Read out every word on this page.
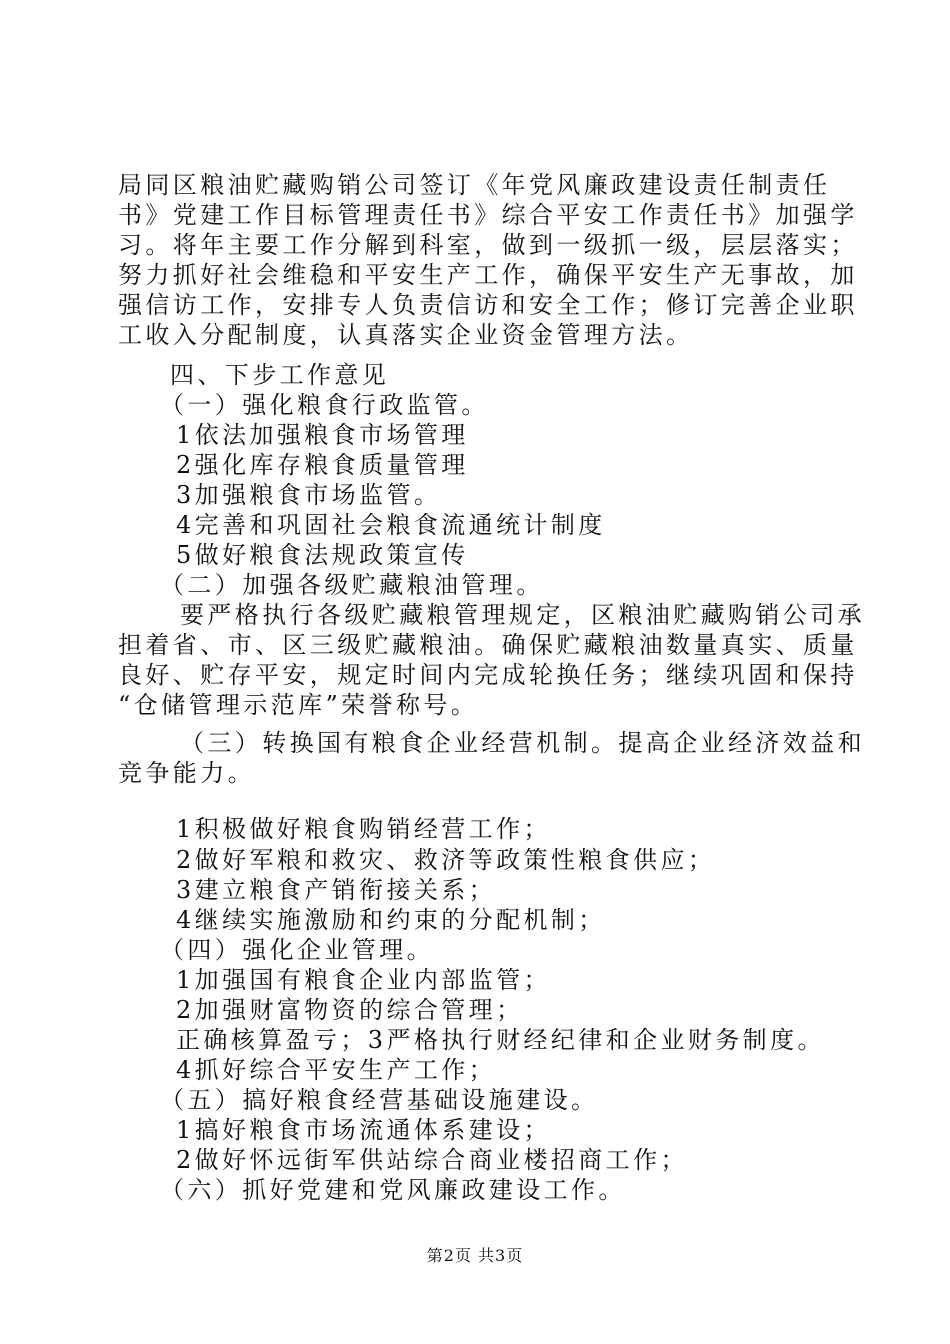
局同区粮油贮藏购销公司签订《年党风廉政建设责任制责任
书》党建工作目标管理责任书》综合平安工作责任书》加强学
习。将年主要工作分解到科室，做到一级抓一级，层层落实；
努力抓好社会维稳和平安生产工作，确保平安生产无事故，加
强信访工作，安排专人负责信访和安全工作；修订完善企业职
工收入分配制度，认真落实企业资金管理方法。
四、下步工作意见
（一）强化粮食行政监管。
1依法加强粮食市场管理
2强化库存粮食质量管理
3加强粮食市场监管。
4完善和巩固社会粮食流通统计制度
5做好粮食法规政策宣传
（二）加强各级贮藏粮油管理。
要严格执行各级贮藏粮管理规定，区粮油贮藏购销公司承
担着省、市、区三级贮藏粮油。确保贮藏粮油数量真实、质量
良好、贮存平安，规定时间内完成轮换任务；继续巩固和保持
“仓储管理示范库”荣誉称号。
（三）转换国有粮食企业经营机制。提高企业经济效益和
竞争能力。
1积极做好粮食购销经营工作；
2做好军粮和救灾、救济等政策性粮食供应；
3建立粮食产销衔接关系；
4继续实施激励和约束的分配机制；
（四）强化企业管理。
1加强国有粮食企业内部监管；
2加强财富物资的综合管理；
正确核算盈亏；3严格执行财经纪律和企业财务制度。
4抓好综合平安生产工作；
（五）搞好粮食经营基础设施建设。
1搞好粮食市场流通体系建设；
2做好怀远街军供站综合商业楼招商工作；
（六）抓好党建和党风廉政建设工作。
第2页 共3页
